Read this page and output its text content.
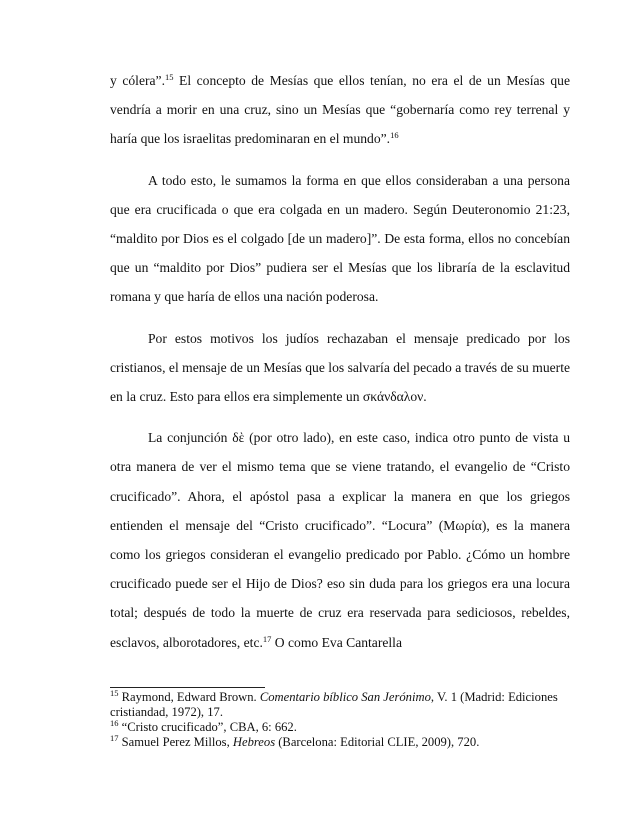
y cólera”.$^{15}$ El concepto de Mesías que ellos tenían, no era el de un Mesías que vendría a morir en una cruz, sino un Mesías que “gobernaría como rey terrenal y haría que los israelitas predominaran en el mundo”.$^{16}$

A todo esto, le sumamos la forma en que ellos consideraban a una persona que era crucificada o que era colgada en un madero. Según Deuteronomio 21:23, “maldito por Dios es el colgado [de un madero]”. De esta forma, ellos no concebían que un “maldito por Dios” pudiera ser el Mesías que los libraría de la esclavitud romana y que haría de ellos una nación poderosa.

Por estos motivos los judíos rechazaban el mensaje predicado por los cristianos, el mensaje de un Mesías que los salvaría del pecado a través de su muerte en la cruz. Esto para ellos era simplemente un σκάνδαλον.

La conjunción δὲ (por otro lado), en este caso, indica otro punto de vista u otra manera de ver el mismo tema que se viene tratando, el evangelio de “Cristo crucificado”. Ahora, el apóstol pasa a explicar la manera en que los griegos entienden el mensaje del “Cristo crucificado”. “Locura” (Μωρία), es la manera como los griegos consideran el evangelio predicado por Pablo. ¿Cómo un hombre crucificado puede ser el Hijo de Dios? eso sin duda para los griegos era una locura total; después de todo la muerte de cruz era reservada para sediciosos, rebeldes, esclavos, alborotadores, etc.$^{17}$ O como Eva Cantarella

$^{15}$ Raymond, Edward Brown. Comentario bíblico San Jerónimo, V. 1 (Madrid: Ediciones cristiandad, 1972), 17.

$^{16}$ “Cristo crucificado”, CBA, 6: 662.

$^{17}$ Samuel Perez Millos, Hebreos (Barcelona: Editorial CLIE, 2009), 720.
